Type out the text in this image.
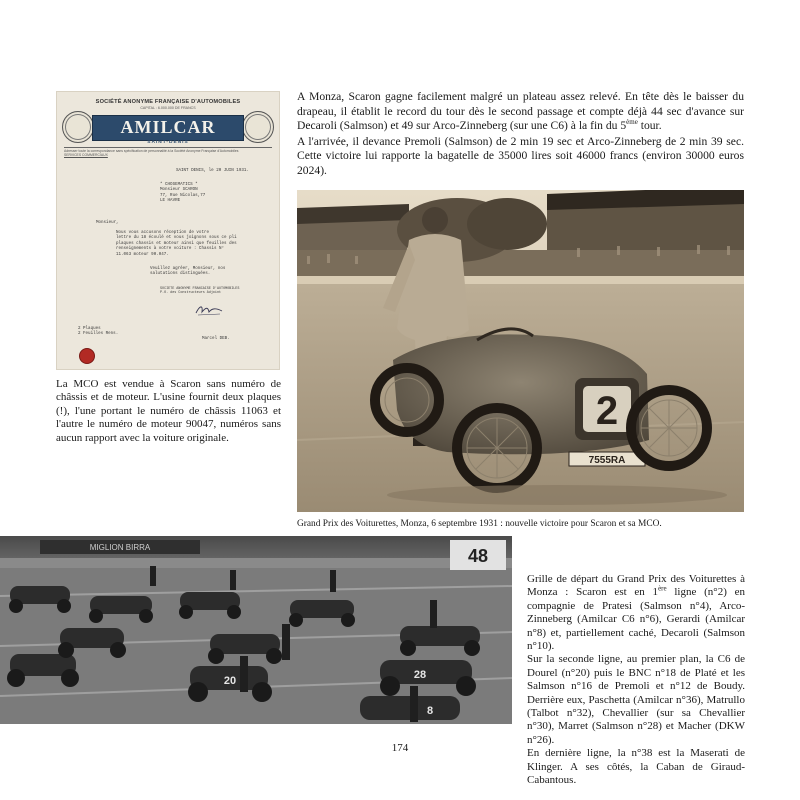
SOCIÉTÉ ANONYME FRANÇAISE D'AUTOMOBILES
CAPITAL : 6.000.000 DE FRANCS
AMILCAR
SAINT-DENIS
Adresser toute la correspondance sans spécification de personnalité à la Société Anonyme Française d'Automobiles
SERVICES COMMERCIAUX
SAINT DENIS, le 20 JUIN 1931.
* CHOSEMATICS *
Monsieur SCARON
77, Rue Nicolas,77
LE HAVRE
Monsieur,
Nous vous accusons réception de votre
lettre du 18 écoulé et vous joignons sous ce pli
plaques chassis et moteur ainsi que feuilles des
renseignements à votre voiture : Chassis N°
11.063 moteur 90.047.
Veuillez agréer, Monsieur, nos
salutations distinguées.
SOCIETE ANONYME FRANCAISE D'AUTOMOBILES
P.O. des Constructeurs Adjoint
2 Plaques
2 Feuilles Rens.
Marcel DEB.
La MCO est vendue à Scaron sans numéro de châssis et de moteur. L'usine fournit deux plaques (!), l'une portant le numéro de châssis 11063 et l'autre le numéro de moteur 90047, numéros sans aucun rapport avec la voiture originale.

A Monza, Scaron gagne facilement malgré un plateau assez relevé. En tête dès le baisser du drapeau, il établit le record du tour dès le second passage et compte déjà 44 sec d'avance sur Decaroli (Salmson) et 49 sur Arco-Zinneberg (sur une C6) à la fin du 5ème tour.

A l'arrivée, il devance Premoli (Salmson) de 2 min 19 sec et Arco-Zinneberg de 2 min 39 sec. Cette victoire lui rapporte la bagatelle de 35000 lires soit 46000 francs (environ 30000 euros 2024).

2
7555RA
Grand Prix des Voiturettes, Monza, 6 septembre 1931 : nouvelle victoire pour Scaron et sa MCO.
MIGLION BIRRA	48
28
20
8

Grille de départ du Grand Prix des Voiturettes à Monza : Scaron est en 1ère ligne (n°2) en compagnie de Pratesi (Salmson n°4), Arco-Zinneberg (Amilcar C6 n°6), Gerardi (Amilcar n°8) et, partiellement caché, Decaroli (Salmson n°10).

Sur la seconde ligne, au premier plan, la C6 de Dourel (n°20) puis le BNC n°18 de Platé et les Salmson n°16 de Premoli et n°12 de Boudy. Derrière eux, Paschetta (Amilcar n°36), Matrullo (Talbot n°32), Chevallier (sur sa Chevallier n°30), Marret (Salmson n°28) et Macher (DKW n°26).

En dernière ligne, la n°38 est la Maserati de Klinger. A ses côtés, la Caban de Giraud-Cabantous.

174
